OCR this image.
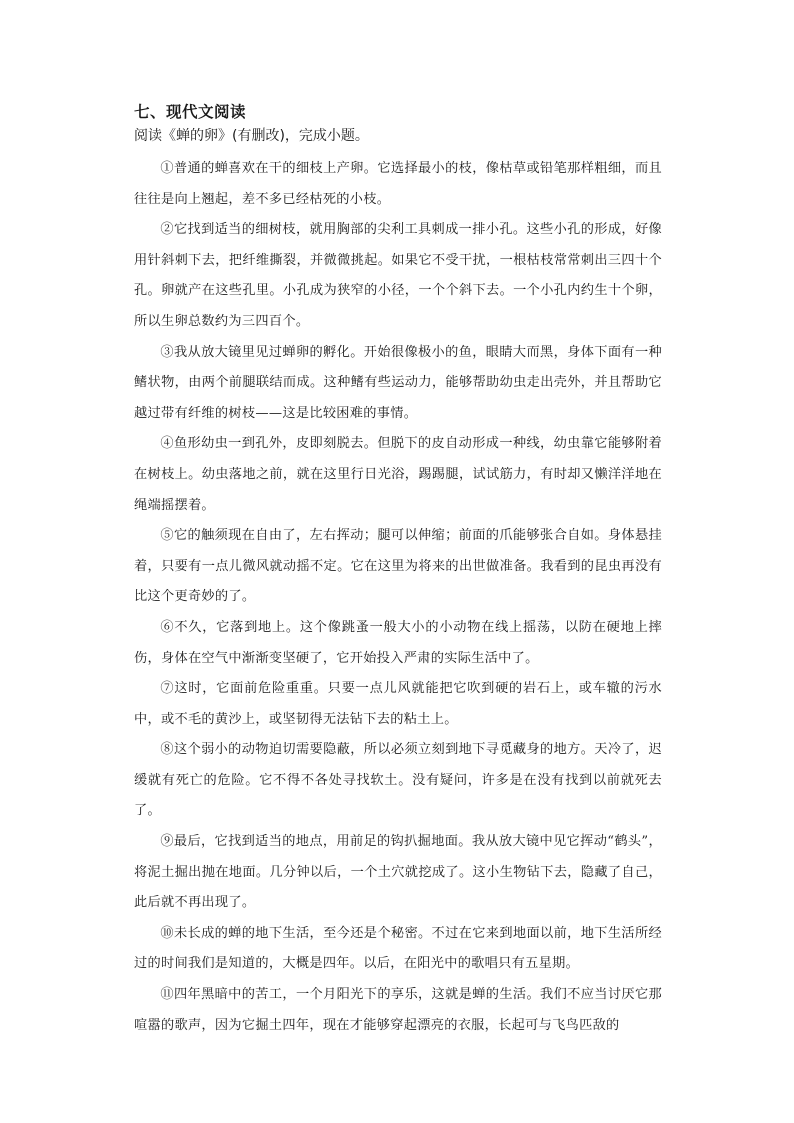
七、现代文阅读

阅读《蝉的卵》(有删改)，完成小题。

①普通的蝉喜欢在干的细枝上产卵。它选择最小的枝，像枯草或铅笔那样粗细，而且往往是向上翘起，差不多已经枯死的小枝。

②它找到适当的细树枝，就用胸部的尖利工具刺成一排小孔。这些小孔的形成，好像用针斜刺下去，把纤维撕裂，并微微挑起。如果它不受干扰，一根枯枝常常刺出三四十个孔。卵就产在这些孔里。小孔成为狭窄的小径，一个个斜下去。一个小孔内约生十个卵，所以生卵总数约为三四百个。

③我从放大镜里见过蝉卵的孵化。开始很像极小的鱼，眼睛大而黑，身体下面有一种鳍状物，由两个前腿联结而成。这种鳍有些运动力，能够帮助幼虫走出壳外，并且帮助它越过带有纤维的树枝——这是比较困难的事情。

④鱼形幼虫一到孔外，皮即刻脱去。但脱下的皮自动形成一种线，幼虫靠它能够附着在树枝上。幼虫落地之前，就在这里行日光浴，踢踢腿，试试筋力，有时却又懒洋洋地在绳端摇摆着。

⑤它的触须现在自由了，左右挥动；腿可以伸缩；前面的爪能够张合自如。身体悬挂着，只要有一点儿微风就动摇不定。它在这里为将来的出世做准备。我看到的昆虫再没有比这个更奇妙的了。

⑥不久，它落到地上。这个像跳蚤一般大小的小动物在线上摇荡，以防在硬地上摔伤，身体在空气中渐渐变坚硬了，它开始投入严肃的实际生活中了。

⑦这时，它面前危险重重。只要一点儿风就能把它吹到硬的岩石上，或车辙的污水中，或不毛的黄沙上，或坚韧得无法钻下去的粘土上。

⑧这个弱小的动物迫切需要隐蔽，所以必须立刻到地下寻觅藏身的地方。天冷了，迟缓就有死亡的危险。它不得不各处寻找软土。没有疑问，许多是在没有找到以前就死去了。

⑨最后，它找到适当的地点，用前足的钩扒掘地面。我从放大镜中见它挥动“鹤头”，将泥土掘出抛在地面。几分钟以后，一个土穴就挖成了。这小生物钻下去，隐藏了自己，此后就不再出现了。

⑩未长成的蝉的地下生活，至今还是个秘密。不过在它来到地面以前，地下生活所经过的时间我们是知道的，大概是四年。以后，在阳光中的歌唱只有五星期。

⑪四年黑暗中的苦工，一个月阳光下的享乐，这就是蝉的生活。我们不应当讨厌它那喧嚣的歌声，因为它掘土四年，现在才能够穿起漂亮的衣服，长起可与飞鸟匹敌的
